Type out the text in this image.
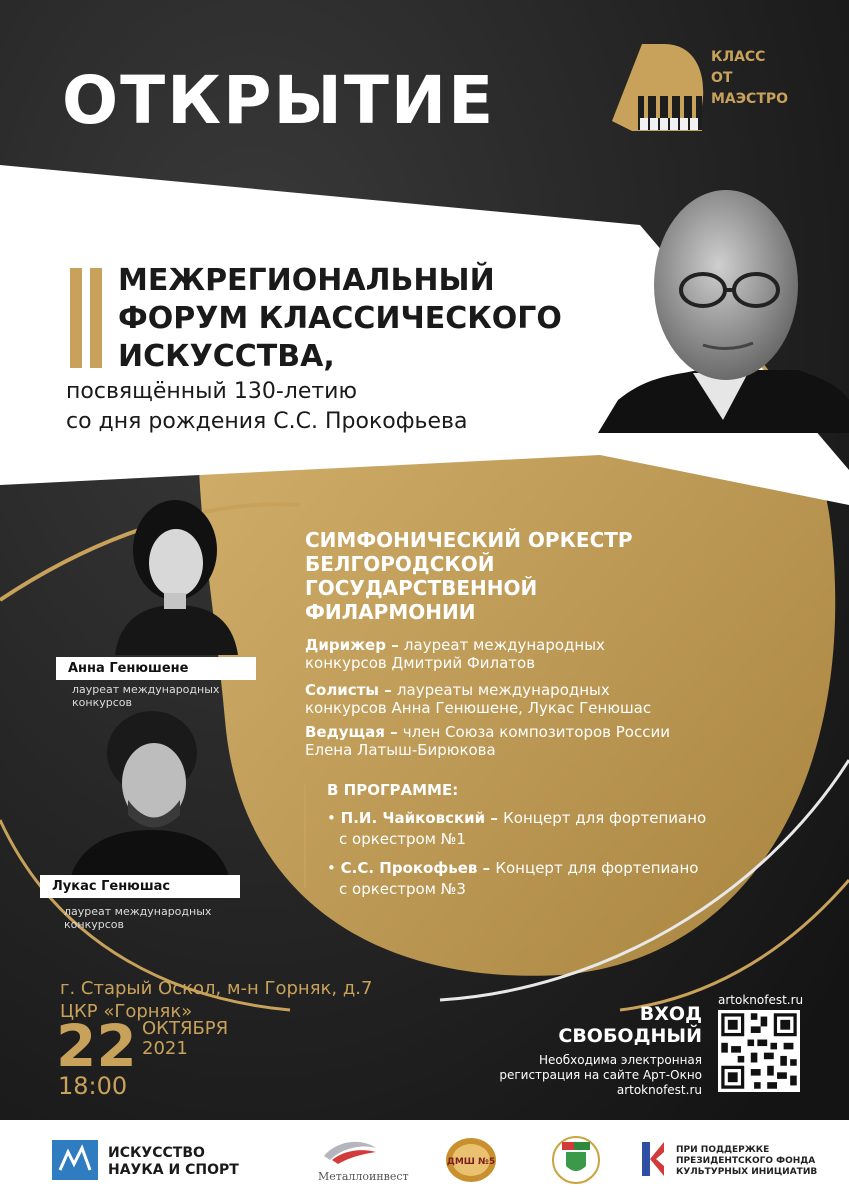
ОТКРЫТИЕ
КЛАСС
ОТ
МАЭСТРО
МЕЖРЕГИОНАЛЬНЫЙ
ФОРУМ КЛАССИЧЕСКОГО
ИСКУССТВА,
посвящённый 130-летию
со дня рождения С.С. Прокофьева
Анна Генюшене
лауреат международных
конкурсов
Лукас Генюшас
лауреат международных
конкурсов
СИМФОНИЧЕСКИЙ ОРКЕСТР
БЕЛГОРОДСКОЙ
ГОСУДАРСТВЕННОЙ
ФИЛАРМОНИИ
Дирижер – лауреат международных
конкурсов Дмитрий Филатов
Солисты – лауреаты международных
конкурсов Анна Генюшене, Лукас Генюшас
Ведущая – член Союза композиторов России
Елена Латыш-Бирюкова
В ПРОГРАММЕ:
• П.И. Чайковский – Концерт для фортепиано
с оркестром №1
• С.С. Прокофьев – Концерт для фортепиано
с оркестром №3
г. Старый Оскол, м-н Горняк, д.7
ЦКР «Горняк»
22 ОКТЯБРЯ
2021
18:00
ВХОД
СВОБОДНЫЙ
Необходима электронная
регистрация на сайте Арт-Окно
artoknofest.ru
artoknofest.ru
ИСКУССТВО
НАУКА И СПОРТ	Металлоинвест
ДМШ №5
ПРИ ПОДДЕРЖКЕ
ПРЕЗИДЕНТСКОГО ФОНДА
КУЛЬТУРНЫХ ИНИЦИАТИВ
